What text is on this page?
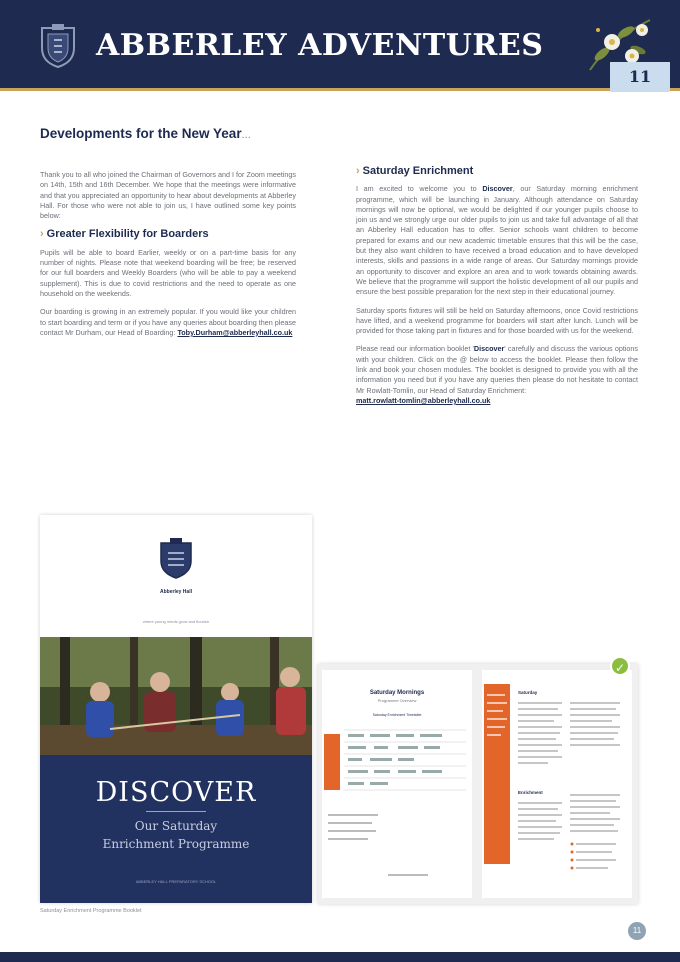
ABBERLEY ADVENTURES
11
Developments for the New Year...

Thank you to all who joined the Chairman of Governors and I for Zoom meetings on 14th, 15th and 16th December. We hope that the meetings were informative and that you appreciated an opportunity to hear about developments at Abberley Hall. For those who were not able to join us, I have outlined some key points below:

› Greater Flexibility for Boarders

Pupils will be able to board Earlier, weekly or on a part-time basis for any number of nights. Please note that weekend boarding will be free; be reserved for our full boarders and Weekly Boarders (who will be able to pay a weekend supplement). This is due to covid restrictions and the need to operate as one household on the weekends.

Our boarding is growing in an extremely popular. If you would like your children to start boarding and term or if you have any queries about boarding then please contact Mr Durham, our Head of Boarding: Toby.Durham@abberleyhall.co.uk

› Saturday Enrichment

I am excited to welcome you to Discover, our Saturday morning enrichment programme, which will be launching in January. Although attendance on Saturday mornings will now be optional, we would be delighted if our younger pupils choose to join us and we strongly urge our older pupils to join us and take full advantage of all that an Abberley Hall education has to offer. Senior schools want children to become prepared for exams and our new academic timetable ensures that this will be the case, but they also want children to have received a broad education and to have developed interests, skills and passions in a wide range of areas. Our Saturday mornings provide an opportunity to discover and explore an area and to work towards obtaining awards. We believe that the programme will support the holistic development of all our pupils and ensure the best possible preparation for the next step in their educational journey.

Saturday sports fixtures will still be held on Saturday afternoons, once Covid restrictions have lifted, and a weekend programme for boarders will start after lunch. Lunch will be provided for those taking part in fixtures and for those boarded with us for the weekend.

Please read our information booklet 'Discover' carefully and discuss the various options with your children. Click on the @ below to access the booklet. Please then follow the link and book your chosen modules. The booklet is designed to provide you with all the information you need but if you have any queries then please do not hesitate to contact Mr Rowlatt-Tomlin, our Head of Saturday Enrichment:
matt.rowlatt-tomlin@abberleyhall.co.uk

Abberley Hall
where young minds grow and flourish
DISCOVER
Our Saturday
Enrichment Programme
ABBERLEY HALL PREPARATORY SCHOOL
Saturday Enrichment Programme Booklet
Saturday Mornings
Programme Overview
Saturday Enrichment Timetable
Saturday
Enrichment
✓
11
